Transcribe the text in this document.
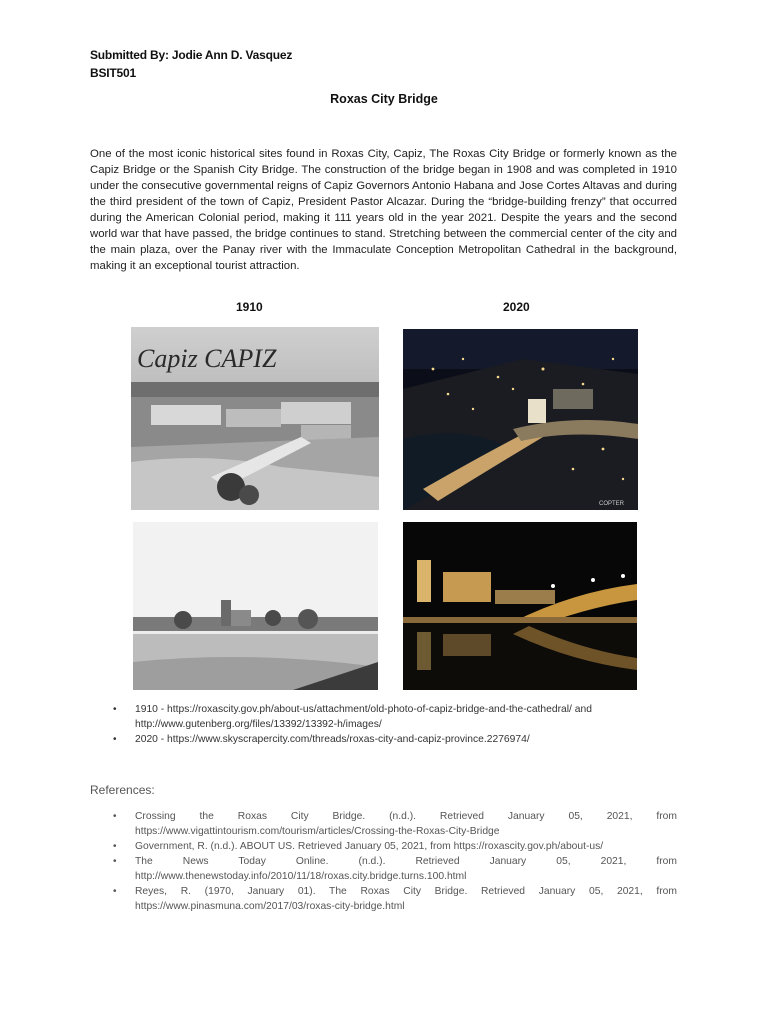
Submitted By: Jodie Ann D. Vasquez
BSIT501
Roxas City Bridge
One of the most iconic historical sites found in Roxas City, Capiz, The Roxas City Bridge or formerly known as the Capiz Bridge or the Spanish City Bridge. The construction of the bridge began in 1908 and was completed in 1910 under the consecutive governmental reigns of Capiz Governors Antonio Habana and Jose Cortes Altavas and during the third president of the town of Capiz, President Pastor Alcazar. During the “bridge-building frenzy” that occurred during the American Colonial period, making it 111 years old in the year 2021. Despite the years and the second world war that have passed, the bridge continues to stand. Stretching between the commercial center of the city and the main plaza, over the Panay river with the Immaculate Conception Metropolitan Cathedral in the background, making it an exceptional tourist attraction.
1910	2020
Capiz CAPIZ
COPTER
• 1910 - https://roxascity.gov.ph/about-us/attachment/old-photo-of-capiz-bridge-and-the-cathedral/ and http://www.gutenberg.org/files/13392/13392-h/images/
• 2020 - https://www.skyscrapercity.com/threads/roxas-city-and-capiz-province.2276974/
References:
• Crossing the Roxas City Bridge. (n.d.). Retrieved January 05, 2021, from
https://www.vigattintourism.com/tourism/articles/Crossing-the-Roxas-City-Bridge
• Government, R. (n.d.). ABOUT US. Retrieved January 05, 2021, from https://roxascity.gov.ph/about-us/
• The News Today Online. (n.d.). Retrieved January 05, 2021, from
http://www.thenewstoday.info/2010/11/18/roxas.city.bridge.turns.100.html
• Reyes, R. (1970, January 01). The Roxas City Bridge. Retrieved January 05, 2021, from
https://www.pinasmuna.com/2017/03/roxas-city-bridge.html
